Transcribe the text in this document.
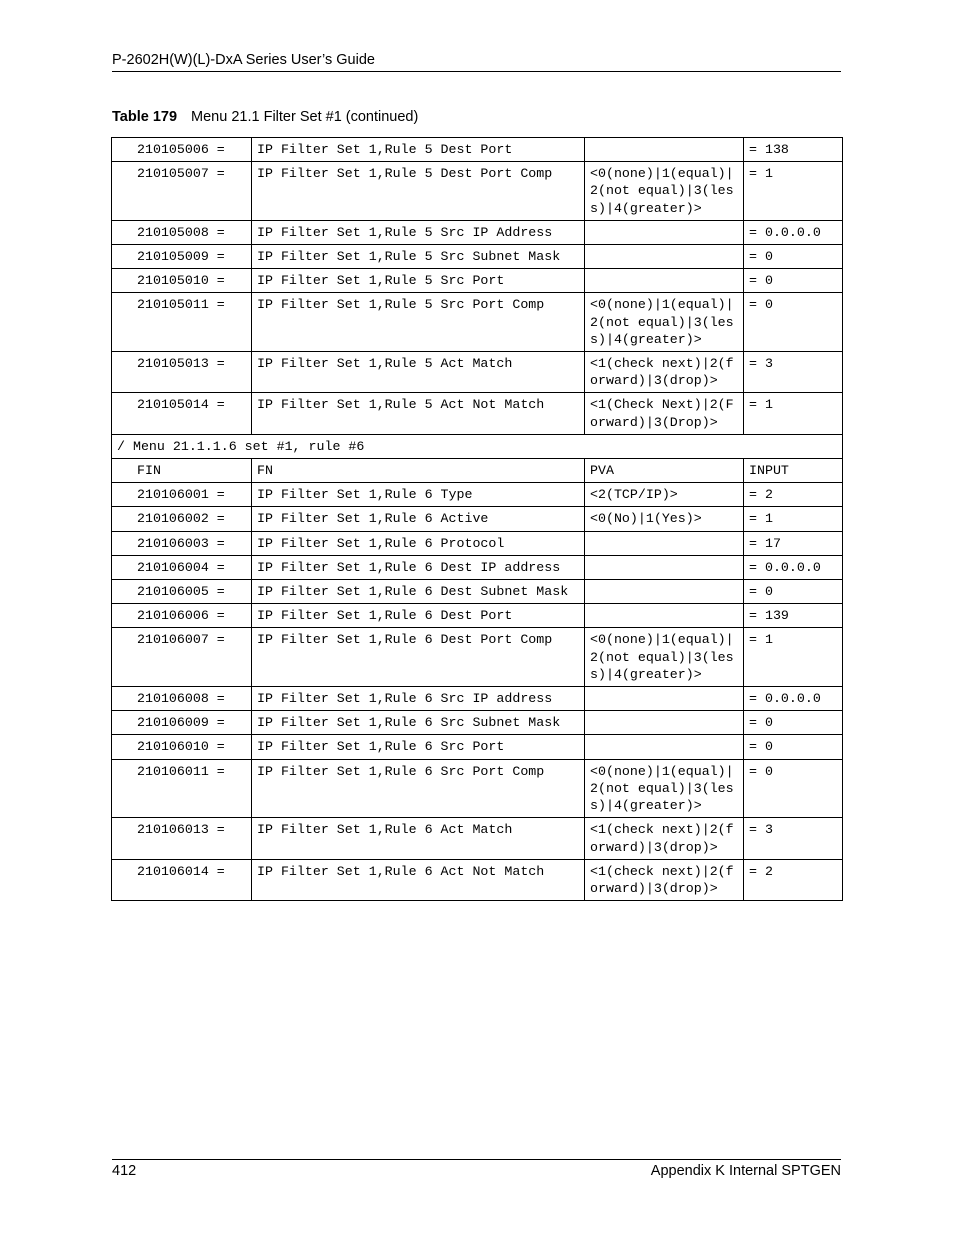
P-2602H(W)(L)-DxA Series User’s Guide
Table 179 Menu 21.1 Filter Set #1 (continued)
210105006 =	IP Filter Set 1,Rule 5 Dest Port		= 138
210105007 =	IP Filter Set 1,Rule 5 Dest Port Comp	<0(none)|1(equal)|2(not equal)|3(less)|4(greater)>	= 1
210105008 =	IP Filter Set 1,Rule 5 Src IP Address		= 0.0.0.0
210105009 =	IP Filter Set 1,Rule 5 Src Subnet Mask		= 0
210105010 =	IP Filter Set 1,Rule 5 Src Port		= 0
210105011 =	IP Filter Set 1,Rule 5 Src Port Comp	<0(none)|1(equal)|2(not equal)|3(less)|4(greater)>	= 0
210105013 =	IP Filter Set 1,Rule 5 Act Match	<1(check next)|2(forward)|3(drop)>	= 3
210105014 =	IP Filter Set 1,Rule 5 Act Not Match	<1(Check Next)|2(Forward)|3(Drop)>	= 1
/ Menu 21.1.1.6 set #1, rule #6			
FIN	FN	PVA	INPUT
210106001 =	IP Filter Set 1,Rule 6 Type	<2(TCP/IP)>	= 2
210106002 =	IP Filter Set 1,Rule 6 Active	<0(No)|1(Yes)>	= 1
210106003 =	IP Filter Set 1,Rule 6 Protocol		= 17
210106004 =	IP Filter Set 1,Rule 6 Dest IP address		= 0.0.0.0
210106005 =	IP Filter Set 1,Rule 6 Dest Subnet Mask		= 0
210106006 =	IP Filter Set 1,Rule 6 Dest Port		= 139
210106007 =	IP Filter Set 1,Rule 6 Dest Port Comp	<0(none)|1(equal)|2(not equal)|3(less)|4(greater)>	= 1
210106008 =	IP Filter Set 1,Rule 6 Src IP address		= 0.0.0.0
210106009 =	IP Filter Set 1,Rule 6 Src Subnet Mask		= 0
210106010 =	IP Filter Set 1,Rule 6 Src Port		= 0
210106011 =	IP Filter Set 1,Rule 6 Src Port Comp	<0(none)|1(equal)|2(not equal)|3(less)|4(greater)>	= 0
210106013 =	IP Filter Set 1,Rule 6 Act Match	<1(check next)|2(forward)|3(drop)>	= 3
210106014 =	IP Filter Set 1,Rule 6 Act Not Match	<1(check next)|2(forward)|3(drop)>	= 2
412	Appendix K Internal SPTGEN
